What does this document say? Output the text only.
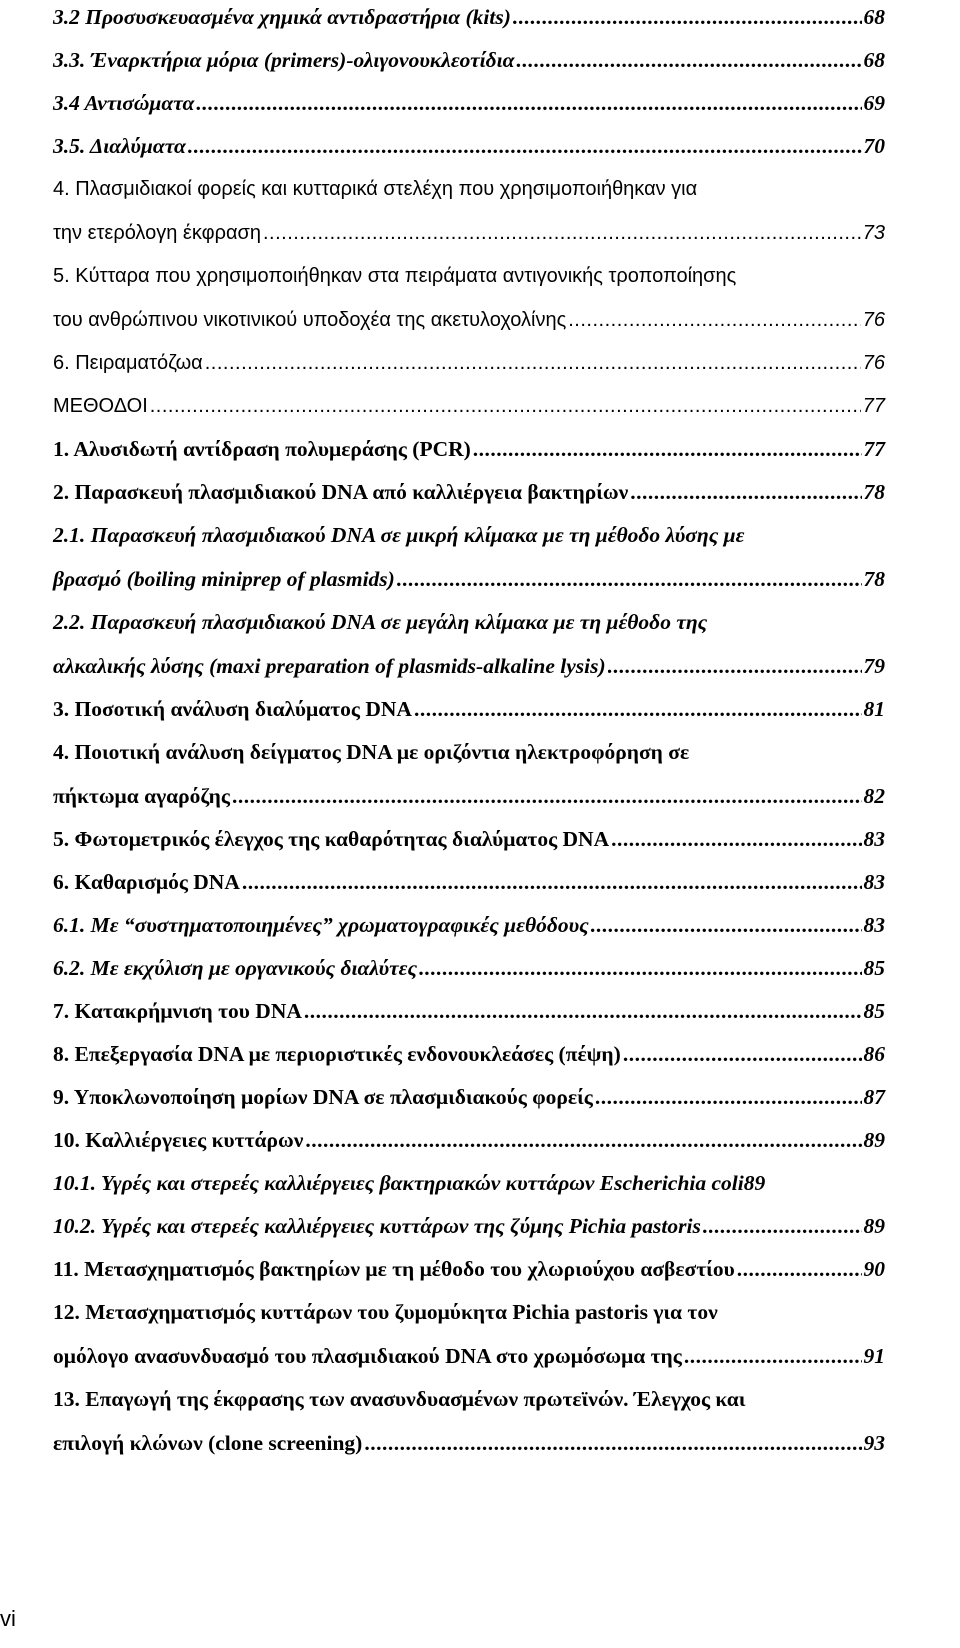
3.2 Προσυσκευασμένα χημικά αντιδραστήρια (kits) .....	68
3.3. Έναρκτήρια μόρια (primers)-ολιγονουκλεοτίδια .....	68
3.4 Αντισώματα .....	69
3.5. Διαλύματα .....	70
4. Πλασμιδιακοί φορείς και κυτταρικά στελέχη που χρησιμοποιήθηκαν για
την ετερόλογη έκφραση .....	73
5. Κύτταρα που χρησιμοποιήθηκαν στα πειράματα αντιγονικής τροποποίησης
του ανθρώπινου νικοτινικού υποδοχέα της ακετυλοχολίνης .....	76
6. Πειραματόζωα .....	76
ΜΕΘΟΔΟΙ .....	77
1. Αλυσιδωτή αντίδραση πολυμεράσης (PCR) .....	77
2. Παρασκευή πλασμιδιακού DNA από καλλιέργεια βακτηρίων .....	78
2.1. Παρασκευή πλασμιδιακού DNA σε μικρή κλίμακα με τη μέθοδο λύσης με
βρασμό (boiling miniprep of plasmids) .....	78
2.2. Παρασκευή πλασμιδιακού DNA σε μεγάλη κλίμακα με τη μέθοδο της
αλκαλικής λύσης (maxi preparation of plasmids-alkaline lysis) .....	79
3. Ποσοτική ανάλυση διαλύματος DNA .....	81
4. Ποιοτική ανάλυση δείγματος DNA με οριζόντια ηλεκτροφόρηση σε
πήκτωμα αγαρόζης .....	82
5. Φωτομετρικός έλεγχος της καθαρότητας διαλύματος DNA .....	83
6. Καθαρισμός DNA .....	83
6.1. Με “συστηματοποιημένες” χρωματογραφικές μεθόδους .....	83
6.2. Με εκχύλιση με οργανικούς διαλύτες .....	85
7. Κατακρήμνιση του DNA .....	85
8. Επεξεργασία DNA με περιοριστικές ενδονουκλεάσες (πέψη) .....	86
9. Υποκλωνοποίηση μορίων DNA σε πλασμιδιακούς φορείς .....	87
10. Καλλιέργειες κυττάρων .....	89
10.1. Υγρές και στερεές καλλιέργειες βακτηριακών κυττάρων Escherichia coli 89
10.2. Υγρές και στερεές καλλιέργειες κυττάρων της ζύμης Pichia pastoris .....	89
11. Μετασχηματισμός βακτηρίων με τη μέθοδο του χλωριούχου ασβεστίου .....	90
12. Μετασχηματισμός κυττάρων του ζυμομύκητα Pichia pastoris για τον
ομόλογο ανασυνδυασμό του πλασμιδιακού DNA στο χρωμόσωμα της .....	91
13. Επαγωγή της έκφρασης των ανασυνδυασμένων πρωτεϊνών. Έλεγχος και
επιλογή κλώνων (clone screening) .....	93
vi
